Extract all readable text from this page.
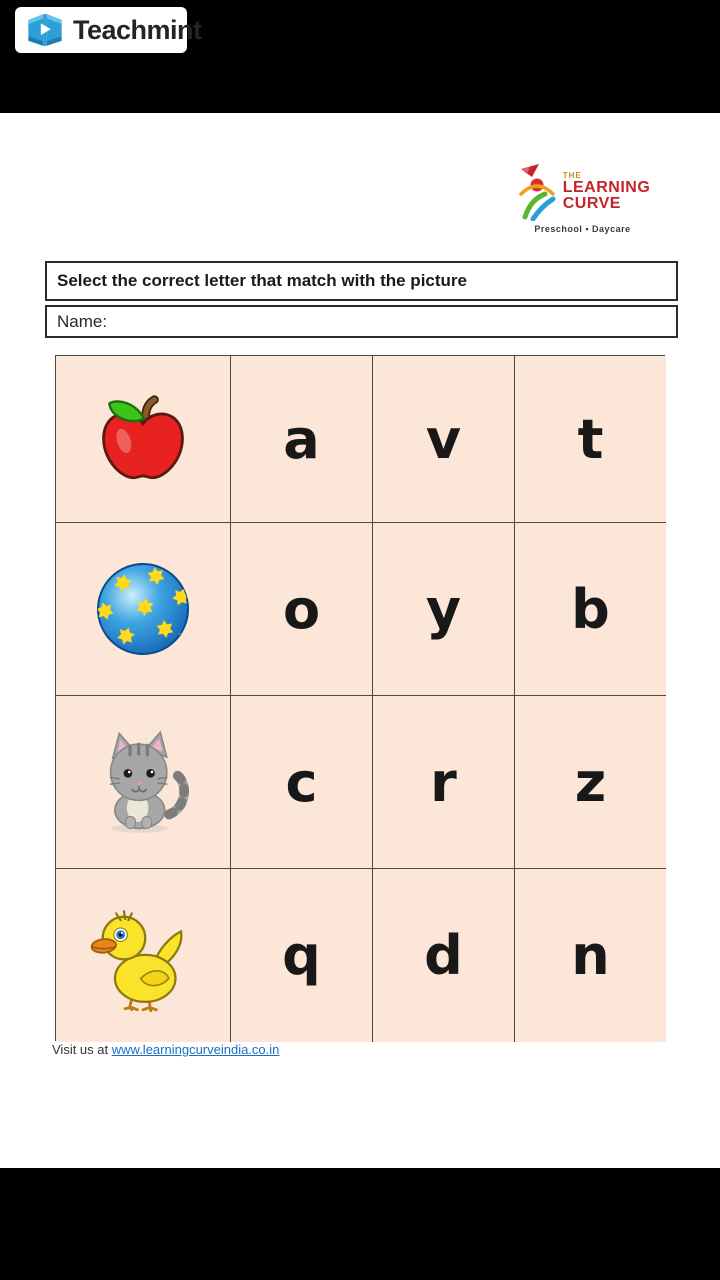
Teachmint
THE
LEARNING
CURVE
Preschool • Daycare
Select the correct letter that match with the picture
Name:
a v t
o y b
c r z
q d n
Visit us at www.learningcurveindia.co.in
